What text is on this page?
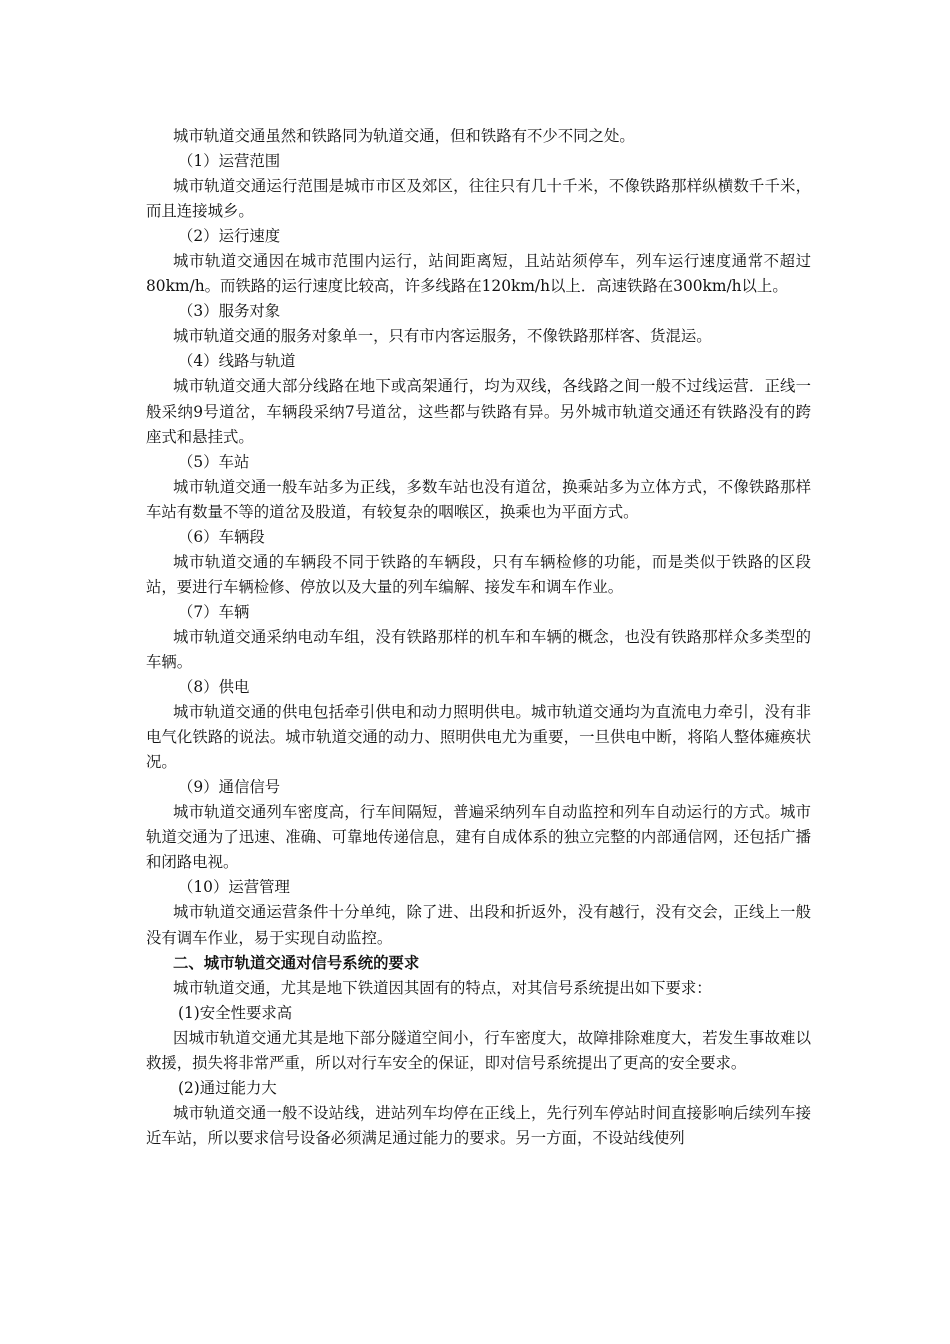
城市轨道交通虽然和铁路同为轨道交通，但和铁路有不少不同之处。

（1）运营范围

城市轨道交通运行范围是城市市区及郊区，往往只有几十千米，不像铁路那样纵横数千千米，而且连接城乡。

（2）运行速度

城市轨道交通因在城市范围内运行，站间距离短，且站站须停车，列车运行速度通常不超过80km/h。而铁路的运行速度比较高，许多线路在120km/h以上．高速铁路在300km/h以上。

（3）服务对象

城市轨道交通的服务对象单一，只有市内客运服务，不像铁路那样客、货混运。

（4）线路与轨道

城市轨道交通大部分线路在地下或高架通行，均为双线，各线路之间一般不过线运营．正线一般采纳9号道岔，车辆段采纳7号道岔，这些都与铁路有异。另外城市轨道交通还有铁路没有的跨座式和悬挂式。

（5）车站

城市轨道交通一般车站多为正线，多数车站也没有道岔，换乘站多为立体方式，不像铁路那样车站有数量不等的道岔及股道，有较复杂的咽喉区，换乘也为平面方式。

（6）车辆段

城市轨道交通的车辆段不同于铁路的车辆段，只有车辆检修的功能，而是类似于铁路的区段站，要进行车辆检修、停放以及大量的列车编解、接发车和调车作业。

（7）车辆

城市轨道交通采纳电动车组，没有铁路那样的机车和车辆的概念，也没有铁路那样众多类型的车辆。

（8）供电

城市轨道交通的供电包括牵引供电和动力照明供电。城市轨道交通均为直流电力牵引，没有非电气化铁路的说法。城市轨道交通的动力、照明供电尤为重要，一旦供电中断，将陷人整体瘫痪状况。

（9）通信信号

城市轨道交通列车密度高，行车间隔短，普遍采纳列车自动监控和列车自动运行的方式。城市轨道交通为了迅速、准确、可靠地传递信息，建有自成体系的独立完整的内部通信网，还包括广播和闭路电视。

（10）运营管理

城市轨道交通运营条件十分单纯，除了进、出段和折返外，没有越行，没有交会，正线上一般没有调车作业，易于实现自动监控。

二、城市轨道交通对信号系统的要求

城市轨道交通，尤其是地下铁道因其固有的特点，对其信号系统提出如下要求：

(1)安全性要求高

因城市轨道交通尤其是地下部分隧道空间小，行车密度大，故障排除难度大，若发生事故难以救援，损失将非常严重，所以对行车安全的保证，即对信号系统提出了更高的安全要求。

(2)通过能力大

城市轨道交通一般不设站线，进站列车均停在正线上，先行列车停站时间直接影响后续列车接近车站，所以要求信号设备必须满足通过能力的要求。另一方面，不设站线使列
